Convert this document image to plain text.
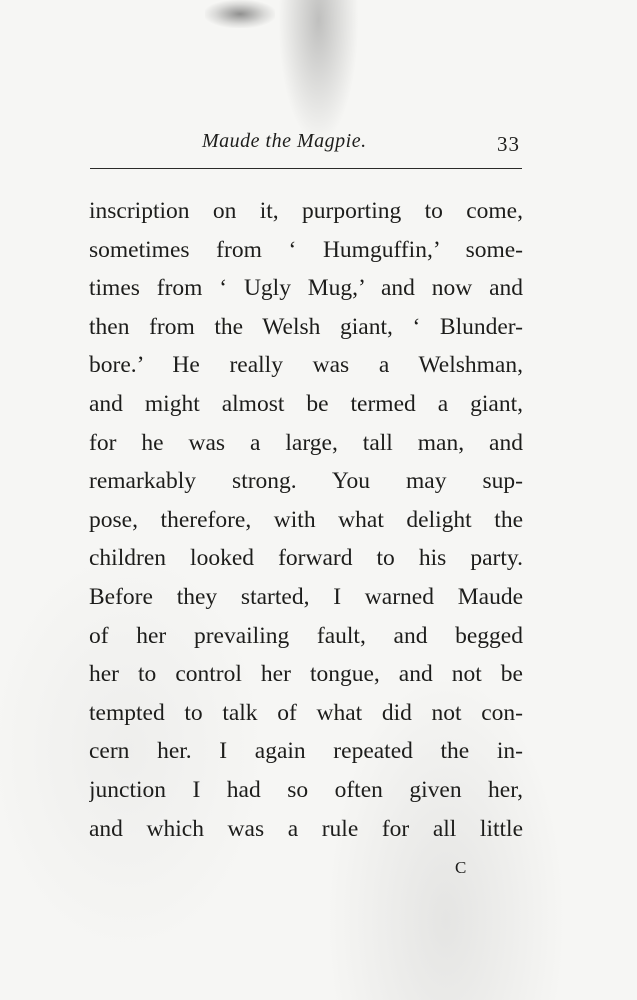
Maude the Magpie.	33
inscription on it, purporting to come,
sometimes from ‘ Humguffin,’ some-
times from ‘ Ugly Mug,’ and now and
then from the Welsh giant, ‘ Blunder-
bore.’ He really was a Welshman,
and might almost be termed a giant,
for he was a large, tall man, and
remarkably strong. You may sup-
pose, therefore, with what delight the
children looked forward to his party.
Before they started, I warned Maude
of her prevailing fault, and begged
her to control her tongue, and not be
tempted to talk of what did not con-
cern her. I again repeated the in-
junction I had so often given her,
and which was a rule for all little
C
